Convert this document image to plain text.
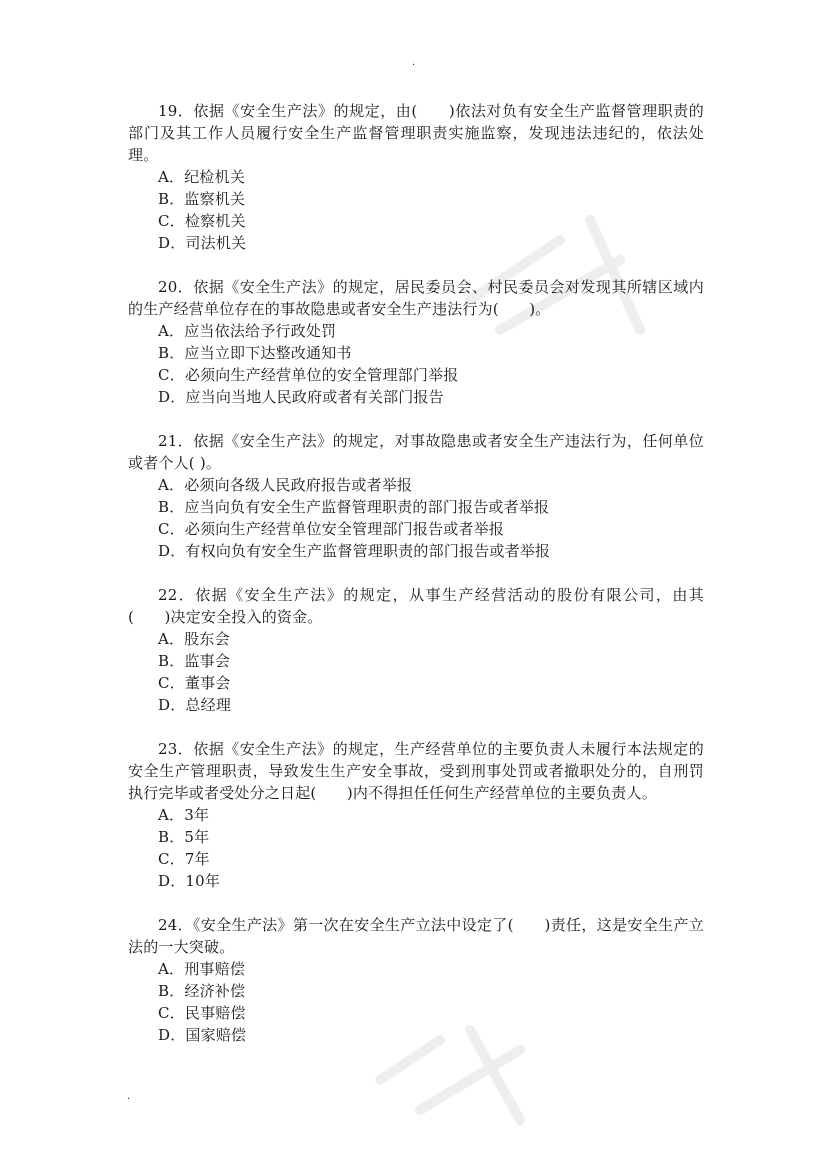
.

19．依据《安全生产法》的规定，由(　　)依法对负有安全生产监督管理职责的部门及其工作人员履行安全生产监督管理职责实施监察，发现违法违纪的，依法处理。

A．纪检机关
B．监察机关
C．检察机关
D．司法机关

20．依据《安全生产法》的规定，居民委员会、村民委员会对发现其所辖区域内的生产经营单位存在的事故隐患或者安全生产违法行为(　　)。

A．应当依法给予行政处罚
B．应当立即下达整改通知书
C．必须向生产经营单位的安全管理部门举报
D．应当向当地人民政府或者有关部门报告

21．依据《安全生产法》的规定，对事故隐患或者安全生产违法行为，任何单位或者个人( )。

A．必须向各级人民政府报告或者举报
B．应当向负有安全生产监督管理职责的部门报告或者举报
C．必须向生产经营单位安全管理部门报告或者举报
D．有权向负有安全生产监督管理职责的部门报告或者举报

22．依据《安全生产法》的规定，从事生产经营活动的股份有限公司，由其(　　)决定安全投入的资金。

A．股东会
B．监事会
C．董事会
D．总经理

23．依据《安全生产法》的规定，生产经营单位的主要负责人未履行本法规定的安全生产管理职责，导致发生生产安全事故，受到刑事处罚或者撤职处分的，自刑罚执行完毕或者受处分之日起(　　)内不得担任任何生产经营单位的主要负责人。

A．3年
B．5年
C．7年
D．10年

24．《安全生产法》第一次在安全生产立法中设定了(　　)责任，这是安全生产立法的一大突破。

A．刑事赔偿
B．经济补偿
C．民事赔偿
D．国家赔偿
.
